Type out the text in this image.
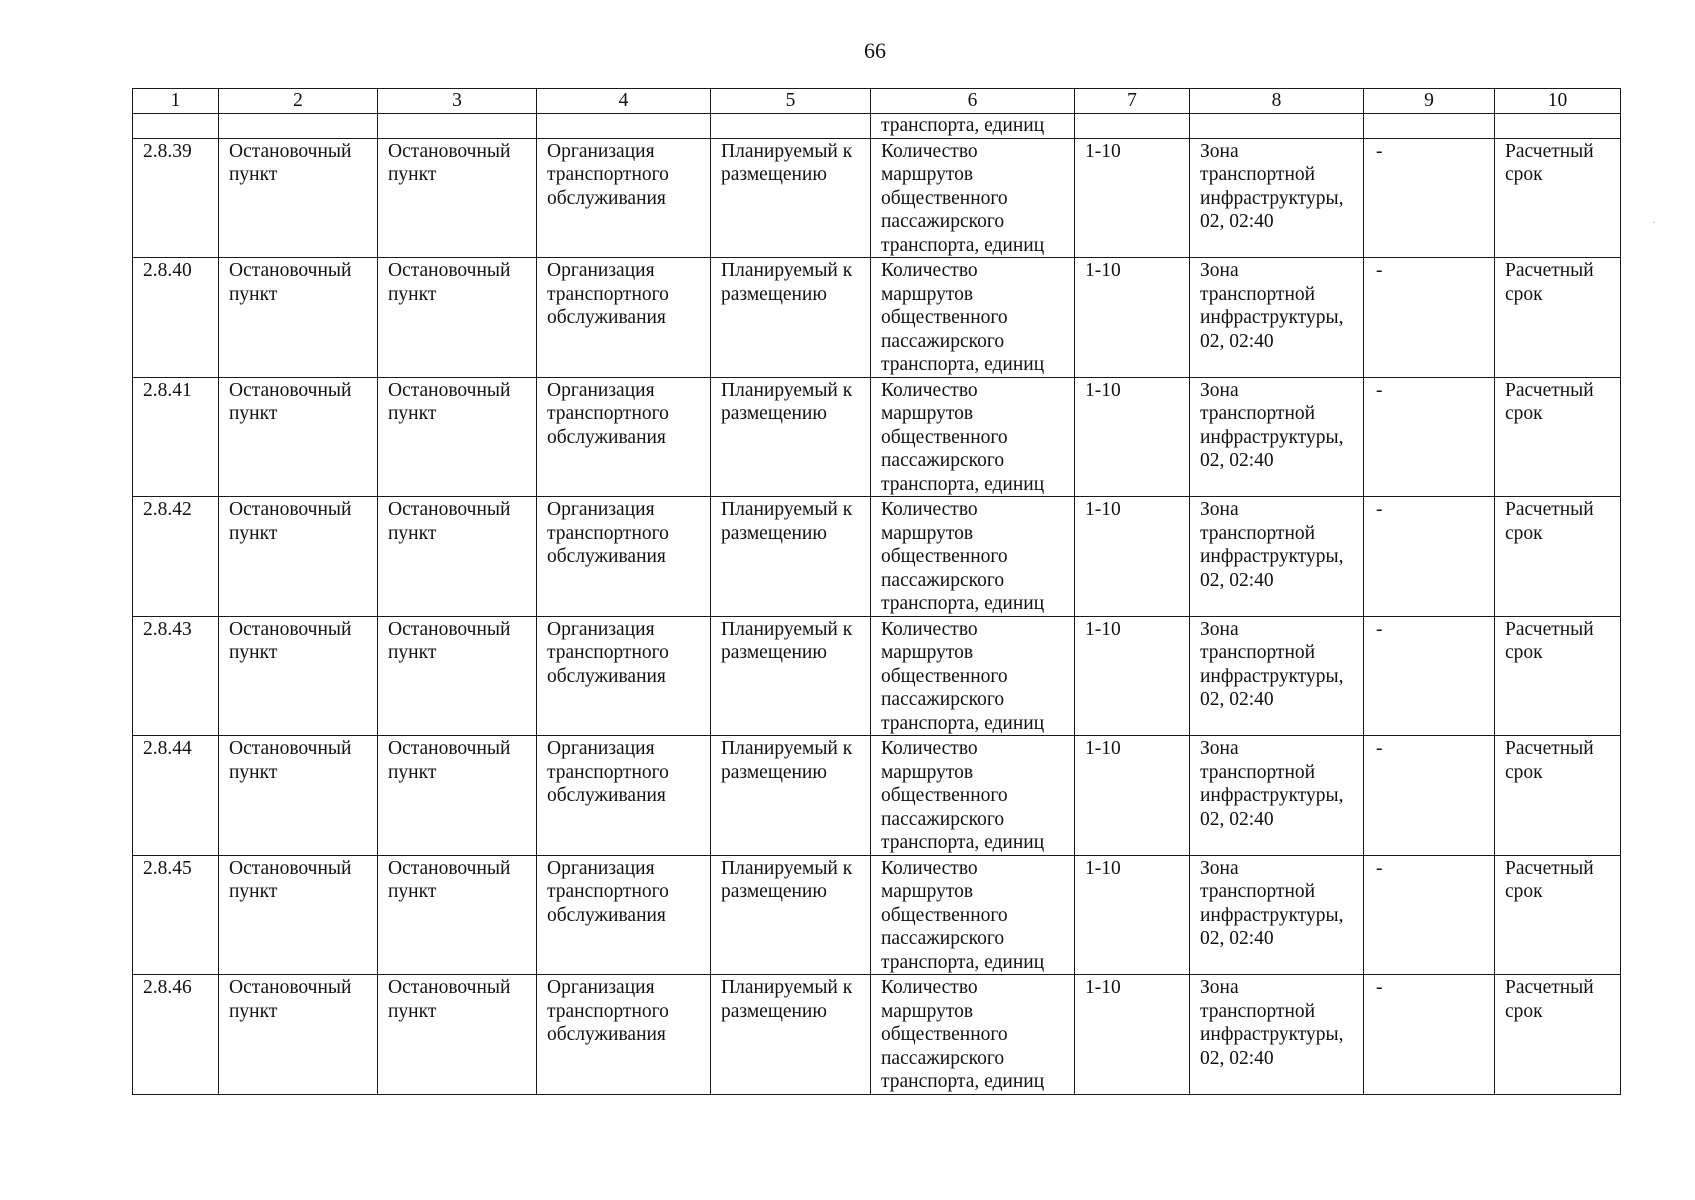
66
1	2	3	4	5	6	7	8	9	10
					транспорта, единиц				
2.8.39	Остановочный пункт	Остановочный пункт	Организация транспортного обслуживания	Планируемый к размещению	Количество маршрутов общественного пассажирского транспорта, единиц	1-10	Зона транспортной инфраструктуры, 02, 02:40	-	Расчетный срок
2.8.40	Остановочный пункт	Остановочный пункт	Организация транспортного обслуживания	Планируемый к размещению	Количество маршрутов общественного пассажирского транспорта, единиц	1-10	Зона транспортной инфраструктуры, 02, 02:40	-	Расчетный срок
2.8.41	Остановочный пункт	Остановочный пункт	Организация транспортного обслуживания	Планируемый к размещению	Количество маршрутов общественного пассажирского транспорта, единиц	1-10	Зона транспортной инфраструктуры, 02, 02:40	-	Расчетный срок
2.8.42	Остановочный пункт	Остановочный пункт	Организация транспортного обслуживания	Планируемый к размещению	Количество маршрутов общественного пассажирского транспорта, единиц	1-10	Зона транспортной инфраструктуры, 02, 02:40	-	Расчетный срок
2.8.43	Остановочный пункт	Остановочный пункт	Организация транспортного обслуживания	Планируемый к размещению	Количество маршрутов общественного пассажирского транспорта, единиц	1-10	Зона транспортной инфраструктуры, 02, 02:40	-	Расчетный срок
2.8.44	Остановочный пункт	Остановочный пункт	Организация транспортного обслуживания	Планируемый к размещению	Количество маршрутов общественного пассажирского транспорта, единиц	1-10	Зона транспортной инфраструктуры, 02, 02:40	-	Расчетный срок
2.8.45	Остановочный пункт	Остановочный пункт	Организация транспортного обслуживания	Планируемый к размещению	Количество маршрутов общественного пассажирского транспорта, единиц	1-10	Зона транспортной инфраструктуры, 02, 02:40	-	Расчетный срок
2.8.46	Остановочный пункт	Остановочный пункт	Организация транспортного обслуживания	Планируемый к размещению	Количество маршрутов общественного пассажирского транспорта, единиц	1-10	Зона транспортной инфраструктуры, 02, 02:40	-	Расчетный срок
·
